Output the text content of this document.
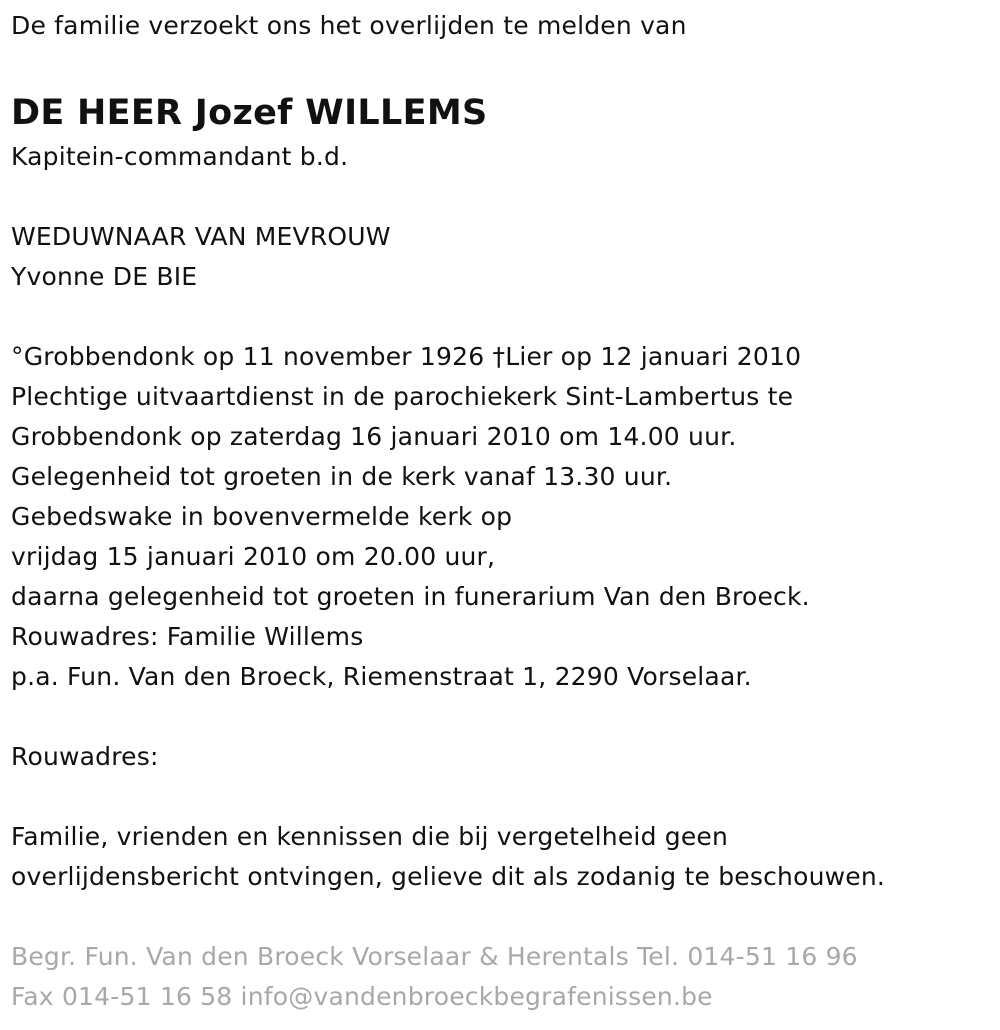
De familie verzoekt ons het overlijden te melden van
DE HEER Jozef WILLEMS
Kapitein-commandant b.d.
WEDUWNAAR VAN MEVROUW
Yvonne DE BIE
°Grobbendonk op 11 november 1926 †Lier op 12 januari 2010
Plechtige uitvaartdienst in de parochiekerk Sint-Lambertus te
Grobbendonk op zaterdag 16 januari 2010 om 14.00 uur.
Gelegenheid tot groeten in de kerk vanaf 13.30 uur.
Gebedswake in bovenvermelde kerk op
vrijdag 15 januari 2010 om 20.00 uur,
daarna gelegenheid tot groeten in funerarium Van den Broeck.
Rouwadres: Familie Willems
p.a. Fun. Van den Broeck, Riemenstraat 1, 2290 Vorselaar.
Rouwadres:
Familie, vrienden en kennissen die bij vergetelheid geen
overlijdensbericht ontvingen, gelieve dit als zodanig te beschouwen.
Begr. Fun. Van den Broeck Vorselaar & Herentals Tel. 014-51 16 96
Fax 014-51 16 58 info@vandenbroeckbegrafenissen.be
